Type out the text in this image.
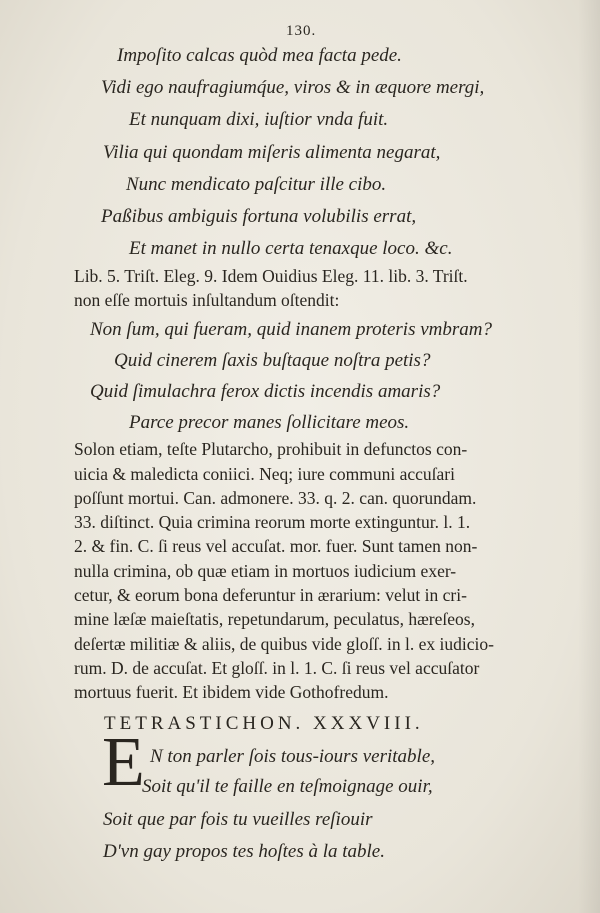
130.
Impoſito calcas quòd mea facta pede.
Vidi ego naufragiumq́ue, viros & in æquore mergi,
Et nunquam dixi, iuſtior vnda fuit.
Vilia qui quondam miſeris alimenta negarat,
Nunc mendicato paſcitur ille cibo.
Paßibus ambiguis fortuna volubilis errat,
Et manet in nullo certa tenaxque loco. &c.
Lib. 5. Triſt. Eleg. 9. Idem Ouidius Eleg. 11. lib. 3. Triſt.
non eſſe mortuis inſultandum oſtendit:
Non ſum, qui fueram, quid inanem proteris vmbram?
Quid cinerem ſaxis buſtaque noſtra petis?
Quid ſimulachra ferox dictis incendis amaris?
Parce precor manes ſollicitare meos.
Solon etiam, teſte Plutarcho, prohibuit in defunctos con-
uicia & maledicta coniici. Neq; iure communi accuſari
poſſunt mortui. Can. admonere. 33. q. 2. can. quorundam.
33. diſtinct. Quia crimina reorum morte extinguntur. l. 1.
2. & fin. C. ſi reus vel accuſat. mor. fuer. Sunt tamen non-
nulla crimina, ob quæ etiam in mortuos iudicium exer-
cetur, & eorum bona deferuntur in ærarium: velut in cri-
mine læſæ maieſtatis, repetundarum, peculatus, hæreſeos,
deſertæ militiæ & aliis, de quibus vide gloſſ. in l. ex iudicio-
rum. D. de accuſat. Et gloſſ. in l. 1. C. ſi reus vel accuſator
mortuus fuerit. Et ibidem vide Gothofredum.
TETRASTICHON. XXXVIII.
E N ton parler ſois tous-iours veritable,
Soit qu'il te faille en teſmoignage ouir,
Soit que par fois tu vueilles reſiouir
D'vn gay propos tes hoſtes à la table.
